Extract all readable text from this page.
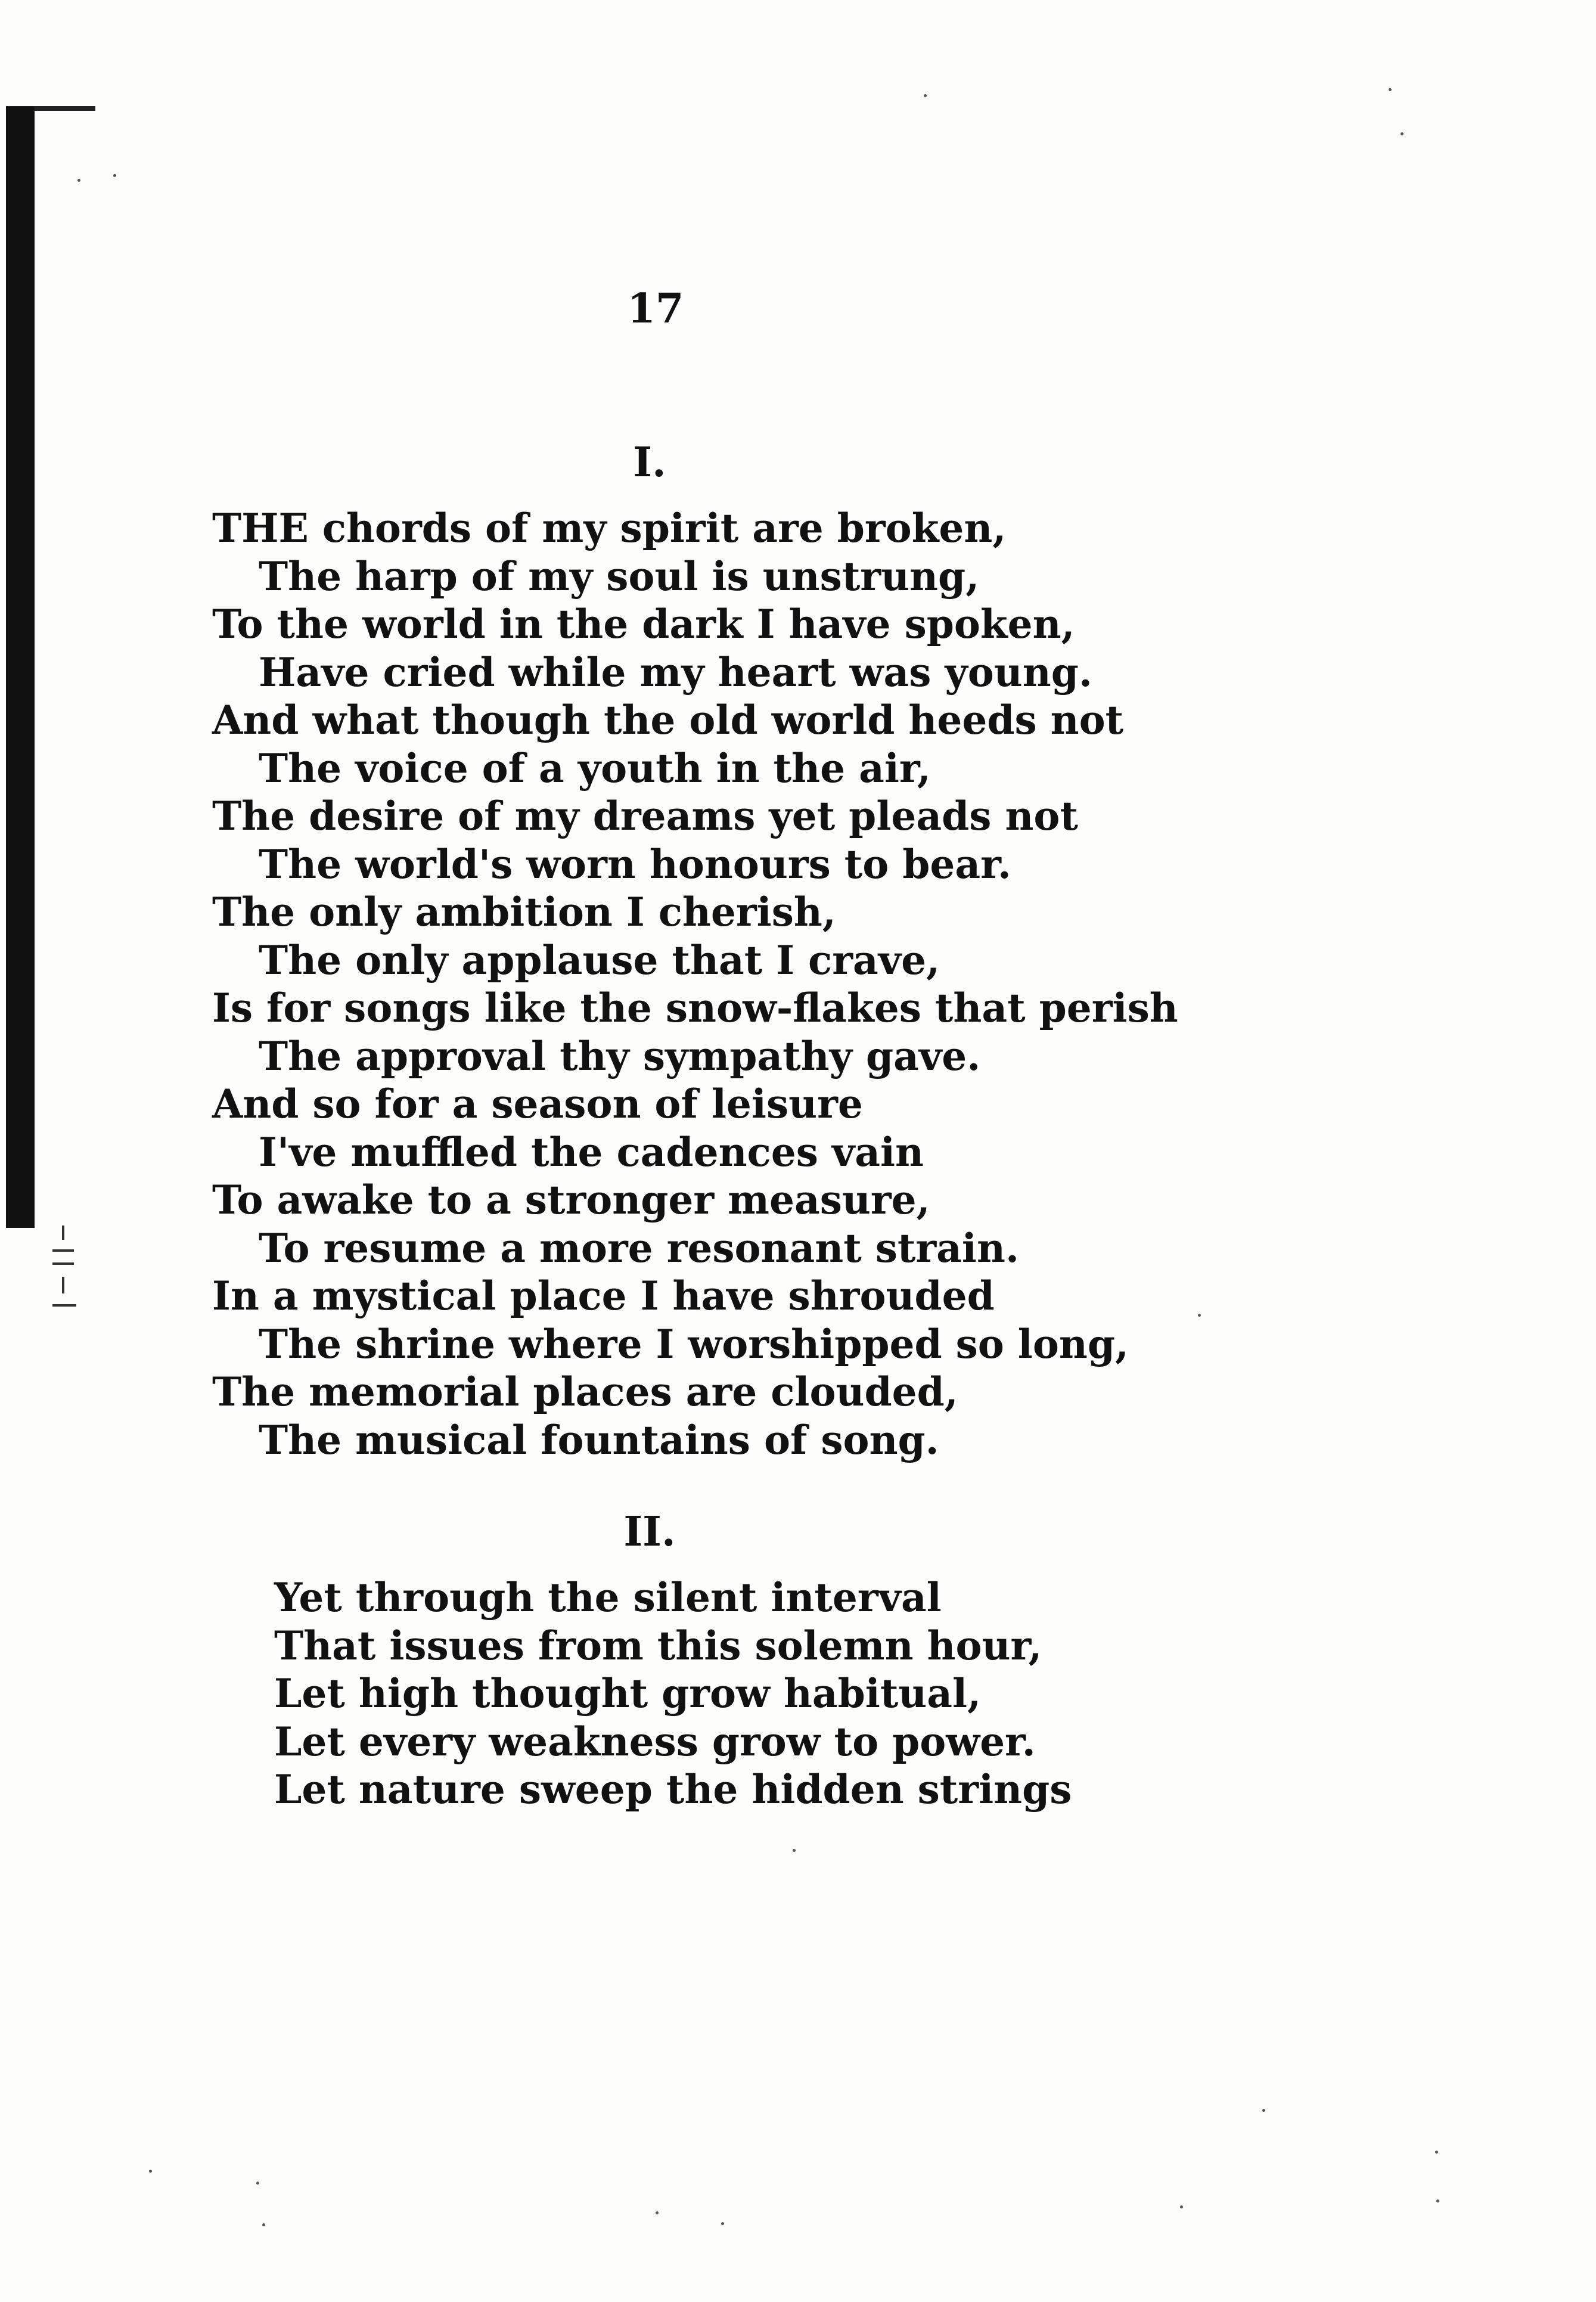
17
I.
THE chords of my spirit are broken,
The harp of my soul is unstrung,
To the world in the dark I have spoken,
Have cried while my heart was young.
And what though the old world heeds not
The voice of a youth in the air,
The desire of my dreams yet pleads not
The world's worn honours to bear.
The only ambition I cherish,
The only applause that I crave,
Is for songs like the snow-flakes that perish
The approval thy sympathy gave.
And so for a season of leisure
I've muffled the cadences vain
To awake to a stronger measure,
To resume a more resonant strain.
In a mystical place I have shrouded
The shrine where I worshipped so long,
The memorial places are clouded,
The musical fountains of song.
II.
Yet through the silent interval
That issues from this solemn hour,
Let high thought grow habitual,
Let every weakness grow to power.
Let nature sweep the hidden strings
